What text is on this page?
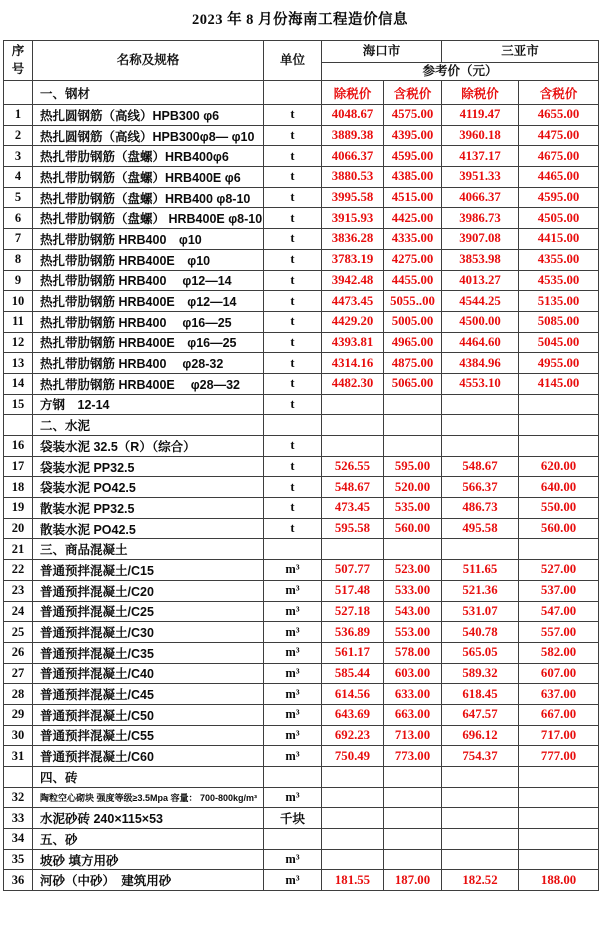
2023 年 8 月份海南工程造价信息
序号	名称及规格	单位	海口市		三亚市	
			参考价（元）			
	一、钢材		除税价	含税价	除税价	含税价
1	热扎圆钢筋（高线）HPB300 φ6	t	4048.67	4575.00	4119.47	4655.00
2	热扎圆钢筋（高线）HPB300φ8— φ10	t	3889.38	4395.00	3960.18	4475.00
3	热扎带肋钢筋（盘螺）HRB400φ6	t	4066.37	4595.00	4137.17	4675.00
4	热扎带肋钢筋（盘螺）HRB400E φ6	t	3880.53	4385.00	3951.33	4465.00
5	热扎带肋钢筋（盘螺）HRB400 φ8-10	t	3995.58	4515.00	4066.37	4595.00
6	热扎带肋钢筋（盘螺） HRB400E φ8-10	t	3915.93	4425.00	3986.73	4505.00
7	热扎带肋钢筋 HRB400　φ10	t	3836.28	4335.00	3907.08	4415.00
8	热扎带肋钢筋 HRB400E　φ10	t	3783.19	4275.00	3853.98	4355.00
9	热扎带肋钢筋 HRB400　 φ12—14	t	3942.48	4455.00	4013.27	4535.00
10	热扎带肋钢筋 HRB400E　φ12—14	t	4473.45	5055..00	4544.25	5135.00
11	热扎带肋钢筋 HRB400　 φ16—25	t	4429.20	5005.00	4500.00	5085.00
12	热扎带肋钢筋 HRB400E　φ16—25	t	4393.81	4965.00	4464.60	5045.00
13	热扎带肋钢筋 HRB400　 φ28-32	t	4314.16	4875.00	4384.96	4955.00
14	热扎带肋钢筋 HRB400E　 φ28—32	t	4482.30	5065.00	4553.10	4145.00
15	方钢　12-14	t				
	二、水泥					
16	袋装水泥 32.5（R）（综合）	t				
17	袋装水泥 PP32.5	t	526.55	595.00	548.67	620.00
18	袋装水泥 PO42.5	t	548.67	520.00	566.37	640.00
19	散装水泥 PP32.5	t	473.45	535.00	486.73	550.00
20	散装水泥 PO42.5	t	595.58	560.00	495.58	560.00
21	三、商品混凝土					
22	普通预拌混凝土/C15	m³	507.77	523.00	511.65	527.00
23	普通预拌混凝土/C20	m³	517.48	533.00	521.36	537.00
24	普通预拌混凝土/C25	m³	527.18	543.00	531.07	547.00
25	普通预拌混凝土/C30	m³	536.89	553.00	540.78	557.00
26	普通预拌混凝土/C35	m³	561.17	578.00	565.05	582.00
27	普通预拌混凝土/C40	m³	585.44	603.00	589.32	607.00
28	普通预拌混凝土/C45	m³	614.56	633.00	618.45	637.00
29	普通预拌混凝土/C50	m³	643.69	663.00	647.57	667.00
30	普通预拌混凝土/C55	m³	692.23	713.00	696.12	717.00
31	普通预拌混凝土/C60	m³	750.49	773.00	754.37	777.00
	四、砖					
32	陶粒空心砌块 强度等级≥3.5Mpa 容量： 700-800kg/m³	m³				
33	水泥砂砖 240×115×53	千块				
34	五、砂					
35	坡砂 填方用砂	m³				
36	河砂（中砂）　建筑用砂	m³	181.55	187.00	182.52	188.00
